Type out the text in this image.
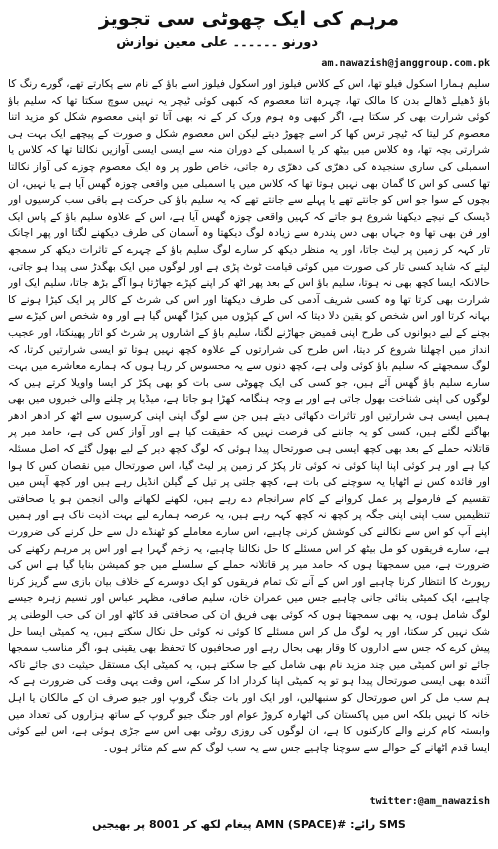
مرہم کی ایک چھوٹی سی تجویز
دورنو ۔۔۔۔۔۔ علی معین نوازش
am.nawazish@janggroup.com.pk

سلیم ہمارا اسکول فیلو تھا، اس کے کلاس فیلوز اور اسکول فیلوز اسے باؤ کے نام سے پکارتے تھے، گورے رنگ کا باؤ ڈھیلے ڈھالے بدن کا مالک تھا، چہرہ اتنا معصوم کہ کبھی کوئی ٹیچر یہ نہیں سوچ سکتا تھا کہ سلیم باؤ کوئی شرارت بھی کر سکتا ہے، اگر کبھی وہ ہوم ورک کر کے نہ بھی آتا تو اپنی معصوم شکل کو مزید اتنا معصوم کر لیتا کہ ٹیچر ترس کھا کر اسے چھوڑ دیتے لیکن اس معصوم شکل و صورت کے پیچھے ایک بہت ہی شرارتی بچہ تھا، وہ کلاس میں بیٹھ کر یا اسمبلی کے دوران منہ سے ایسی ایسی آوازیں نکالتا تھا کہ کلاس یا اسمبلی کی ساری سنجیدہ کی دھرّی کی دھرّی رہ جاتی، خاص طور پر وہ ایک معصوم چوزے کی آواز نکالتا تھا کسی کو اس کا گمان بھی نہیں ہوتا تھا کہ کلاس میں یا اسمبلی میں واقعی چوزہ گھس آیا ہے یا نہیں، ان بچوں کے سوا جو اس کو جانتے تھے یا پہلے سے جانتے تھے کہ یہ سلیم باؤ کی حرکت ہے باقی سب کرسیوں اور ڈیسک کے نیچے دیکھنا شروع ہو جاتے کہ کہیں واقعی چوزہ گھس آیا ہے، اس کے علاوہ سلیم باؤ کے پاس ایک اور فن بھی تھا وہ جہاں بھی دس پندرہ سے زیادہ لوگ دیکھتا وہ آسمان کی طرف دیکھنے لگتا اور پھر اچانک تار کہہ کر زمین پر لیٹ جاتا، اور یہ منظر دیکھ کر سارے لوگ سلیم باؤ کے چہرے کے تاثرات دیکھ کر سمجھ لیتے کہ شاید کسی تار کی صورت میں کوئی قیامت ٹوٹ پڑی ہے اور لوگوں میں ایک بھگدڑ سی پیدا ہو جاتی، حالانکہ ایسا کچھ بھی نہ ہوتا، سلیم باؤ اس کے بعد پھر اٹھ کر اپنے کپڑے جھاڑتا ہوا آگے بڑھ جاتا، سلیم ایک اور شرارت بھی کرتا تھا وہ کسی شریف آدمی کی طرف دیکھتا اور اس کی شرٹ کے کالر پر ایک کیڑا ہونے کا بہانہ کرتا اور اس شخص کو یقین دلا دیتا کہ اس کے کپڑوں میں کیڑا گھس گیا ہے اور وہ شخص اس کیڑے سے بچنے کے لیے دیوانوں کی طرح اپنی قمیض جھاڑنے لگتا، سلیم باؤ کے اشاروں پر شرٹ کو اتار پھینکتا، اور عجیب انداز میں اچھلنا شروع کر دیتا، اس طرح کی شرارتوں کے علاوہ کچھ نہیں ہوتا تو ایسی شرارتیں کرتا، کہ لوگ سمجھتے کہ سلیم باؤ کوئی ولی ہے، کچھ دنوں سے یہ محسوس کر رہا ہوں کہ ہمارے معاشرے میں بہت سارے سلیم باؤ گھس آئے ہیں، جو کسی کی ایک چھوٹی سی بات کو بھی پکڑ کر ایسا واویلا کرتے ہیں کہ لوگوں کی اپنی شناخت بھول جاتی ہے اور بے وجہ ہنگامہ کھڑا ہو جاتا ہے، میڈیا پر چلنے والی خبروں میں بھی ہمیں ایسی ہی شرارتیں اور تاثرات دکھائی دیتے ہیں جن سے لوگ اپنی اپنی کرسیوں سے اٹھ کر ادھر ادھر بھاگنے لگتے ہیں، کسی کو یہ جاننے کی فرصت نہیں کہ حقیقت کیا ہے اور آواز کس کی ہے، حامد میر پر قاتلانہ حملے کے بعد بھی کچھ ایسی ہی صورتحال پیدا ہوئی کہ لوگ کچھ دیر کے لیے بھول گئے کہ اصل مسئلہ کیا ہے اور ہر کوئی اپنا اپنا کوئی نہ کوئی تار پکڑ کر زمین پر لیٹ گیا، اس صورتحال میں نقصان کس کا ہوا اور فائدہ کس نے اٹھایا یہ سوچنے کی بات ہے، کچھ جلتی پر تیل کے گیلن انڈیل رہے ہیں اور کچھ آپس میں تقسیم کے فارمولے پر عمل کروانے کے کام سرانجام دے رہے ہیں، لکھنے لکھانے والی انجمن ہو یا صحافتی تنظیمیں سب اپنی اپنی جگہ پر کچھ نہ کچھ کہہ رہے ہیں، یہ عرصہ ہمارے لیے بہت اذیت ناک ہے اور ہمیں اپنے آپ کو اس سے نکالنے کی کوشش کرنی چاہیے، اس سارے معاملے کو ٹھنڈے دل سے حل کرنے کی ضرورت ہے، سارے فریقوں کو مل بیٹھ کر اس مسئلے کا حل نکالنا چاہیے، یہ زخم گہرا ہے اور اس پر مرہم رکھنے کی ضرورت ہے، میں سمجھتا ہوں کہ حامد میر پر قاتلانہ حملے کے سلسلے میں جو کمیشن بنایا گیا ہے اس کی رپورٹ کا انتظار کرنا چاہیے اور اس کے آنے تک تمام فریقوں کو ایک دوسرے کے خلاف بیان بازی سے گریز کرنا چاہیے، ایک کمیٹی بنائی جانی چاہیے جس میں عمران خان، سلیم صافی، مظہر عباس اور نسیم زہرہ جیسے لوگ شامل ہوں، یہ بھی سمجھتا ہوں کہ کوئی بھی فریق ان کی صحافتی قد کاٹھ اور ان کی حب الوطنی پر شک نہیں کر سکتا، اور یہ لوگ مل کر اس مسئلے کا کوئی نہ کوئی حل نکال سکتے ہیں، یہ کمیٹی ایسا حل پیش کرے کہ جس سے اداروں کا وقار بھی بحال رہے اور صحافیوں کا تحفظ بھی یقینی ہو، اگر مناسب سمجھا جائے تو اس کمیٹی میں چند مزید نام بھی شامل کیے جا سکتے ہیں، یہ کمیٹی ایک مستقل حیثیت دی جائے تاکہ آئندہ بھی ایسی صورتحال پیدا ہو تو یہ کمیٹی اپنا کردار ادا کر سکے، اس وقت یہی وقت کی ضرورت ہے کہ ہم سب مل کر اس صورتحال کو سنبھالیں، اور ایک اور بات جنگ گروپ اور جیو صرف ان کے مالکان یا اہل خانہ کا نہیں بلکہ اس میں پاکستان کی اٹھارہ کروڑ عوام اور جنگ جیو گروپ کے ساتھ ہزاروں کی تعداد میں وابستہ کام کرنے والے کارکنوں کا ہے، ان لوگوں کی روزی روٹی بھی اس سے جڑی ہوئی ہے، اس لیے کوئی ایسا قدم اٹھانے کے حوالے سے سوچنا چاہیے جس سے یہ سب لوگ کم سے کم متاثر ہوں۔

twitter:@am_nawazish
SMS رائے: #AMN (SPACE) پیغام لکھ کر 8001 پر بھیجیں
